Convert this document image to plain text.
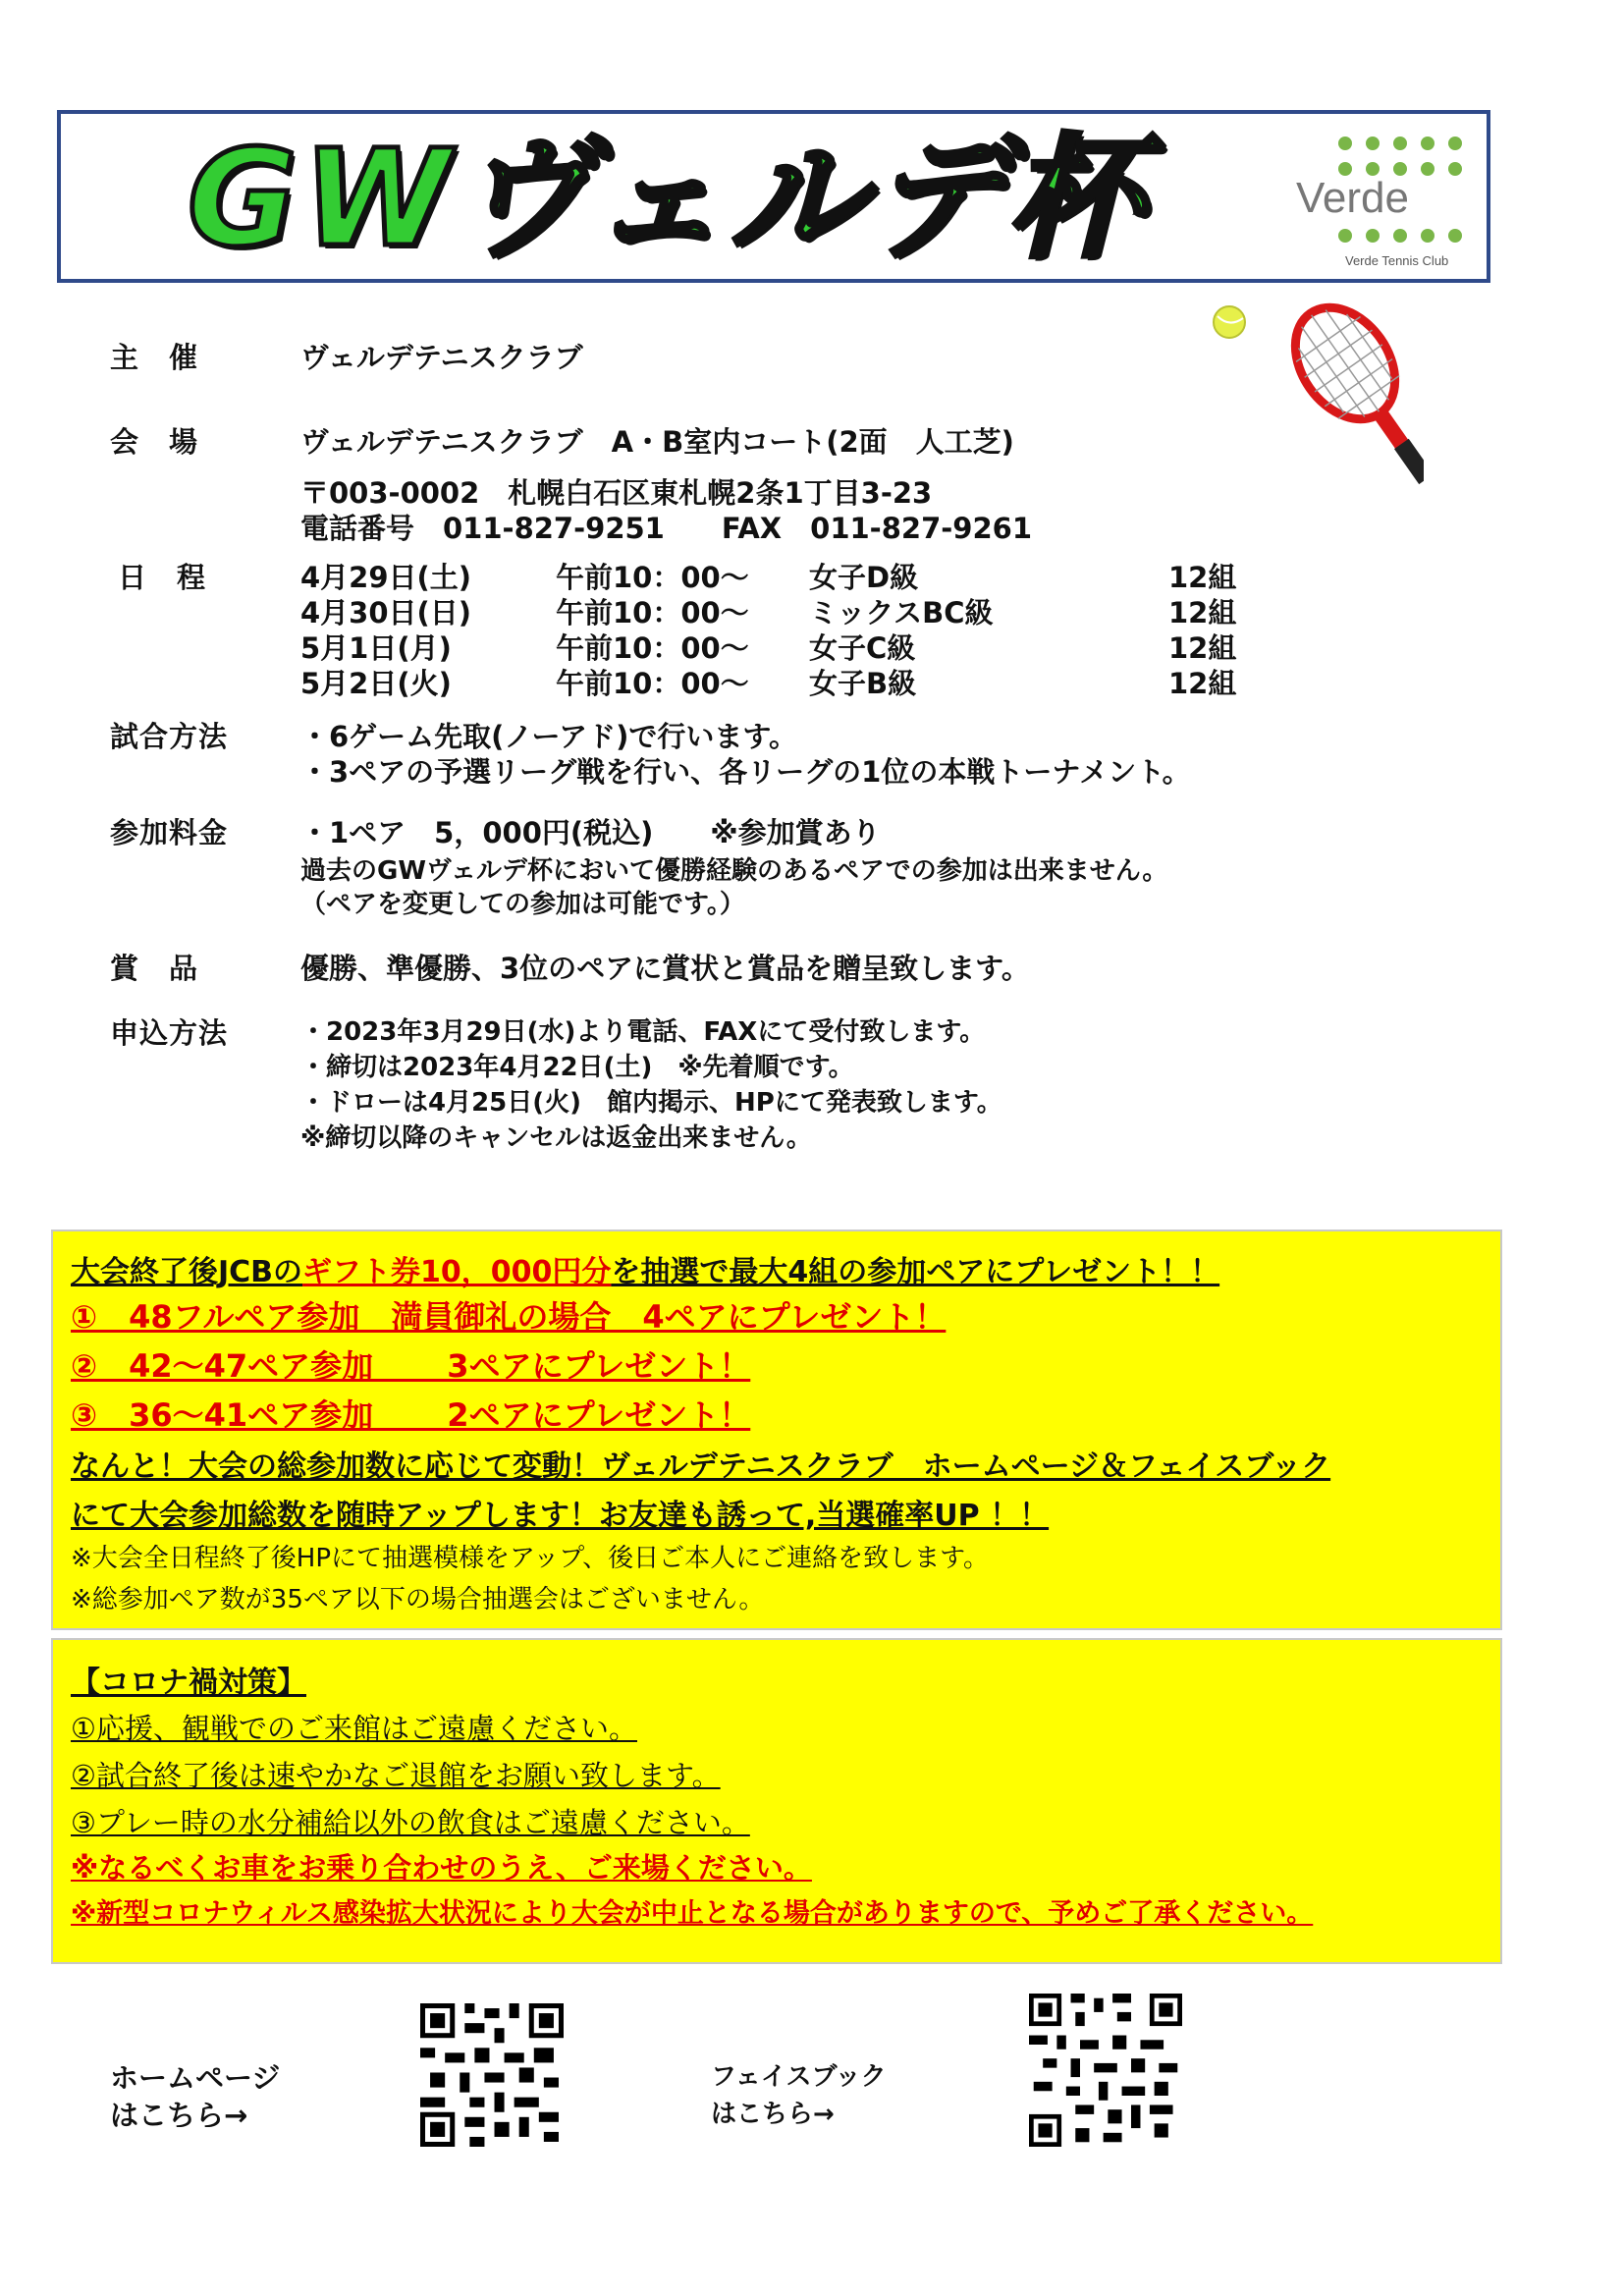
GWヴェルデ杯	Verde
Verde Tennis Club
主　催	ヴェルデテニスクラブ
会　場	ヴェルデテニスクラブ　A・B室内コート(2面　人工芝)
〒003-0002　札幌白石区東札幌2条1丁目3-23
電話番号　011-827-9251　　FAX　011-827-9261
日　程	4月29日(土)	午前10：00～ 女子D級	12組
4月30日(日)	午前10：00～ ミックスBC級	12組
5月1日(月)	午前10：00～ 女子C級	12組
5月2日(火)	午前10：00～ 女子B級	12組
試合方法	・6ゲーム先取(ノーアド)で行います。
・3ペアの予選リーグ戦を行い、各リーグの1位の本戦トーナメント。
参加料金	・1ペア　5，000円(税込)　　※参加賞あり
過去のGWヴェルデ杯において優勝経験のあるペアでの参加は出来ません。
（ペアを変更しての参加は可能です。）
賞　品	優勝、準優勝、3位のペアに賞状と賞品を贈呈致します。
申込方法	・2023年3月29日(水)より電話、FAXにて受付致します。
・締切は2023年4月22日(土)　※先着順です。
・ドローは4月25日(火)　館内掲示、HPにて発表致します。
※締切以降のキャンセルは返金出来ません。
大会終了後JCBのギフト券10，000円分を抽選で最大4組の参加ペアにプレゼント！！
①　48フルペア参加　満員御礼の場合　4ペアにプレゼント！
②　42～47ペア参加　　 3ペアにプレゼント！
③　36～41ペア参加　　 2ペアにプレゼント！
なんと！大会の総参加数に応じて変動！ヴェルデテニスクラブ　ホームページ＆フェイスブック
にて大会参加総数を随時アップします！お友達も誘って,当選確率UP ！！
※大会全日程終了後HPにて抽選模様をアップ、後日ご本人にご連絡を致します。
※総参加ペア数が35ペア以下の場合抽選会はございません。
【コロナ禍対策】
①応援、観戦でのご来館はご遠慮ください。
②試合終了後は速やかなご退館をお願い致します。
③プレー時の水分補給以外の飲食はご遠慮ください。
※なるべくお車をお乗り合わせのうえ、ご来場ください。
※新型コロナウィルス感染拡大状況により大会が中止となる場合がありますので、予めご了承ください。
ホームページ
はこちら→
フェイスブック
はこちら→
